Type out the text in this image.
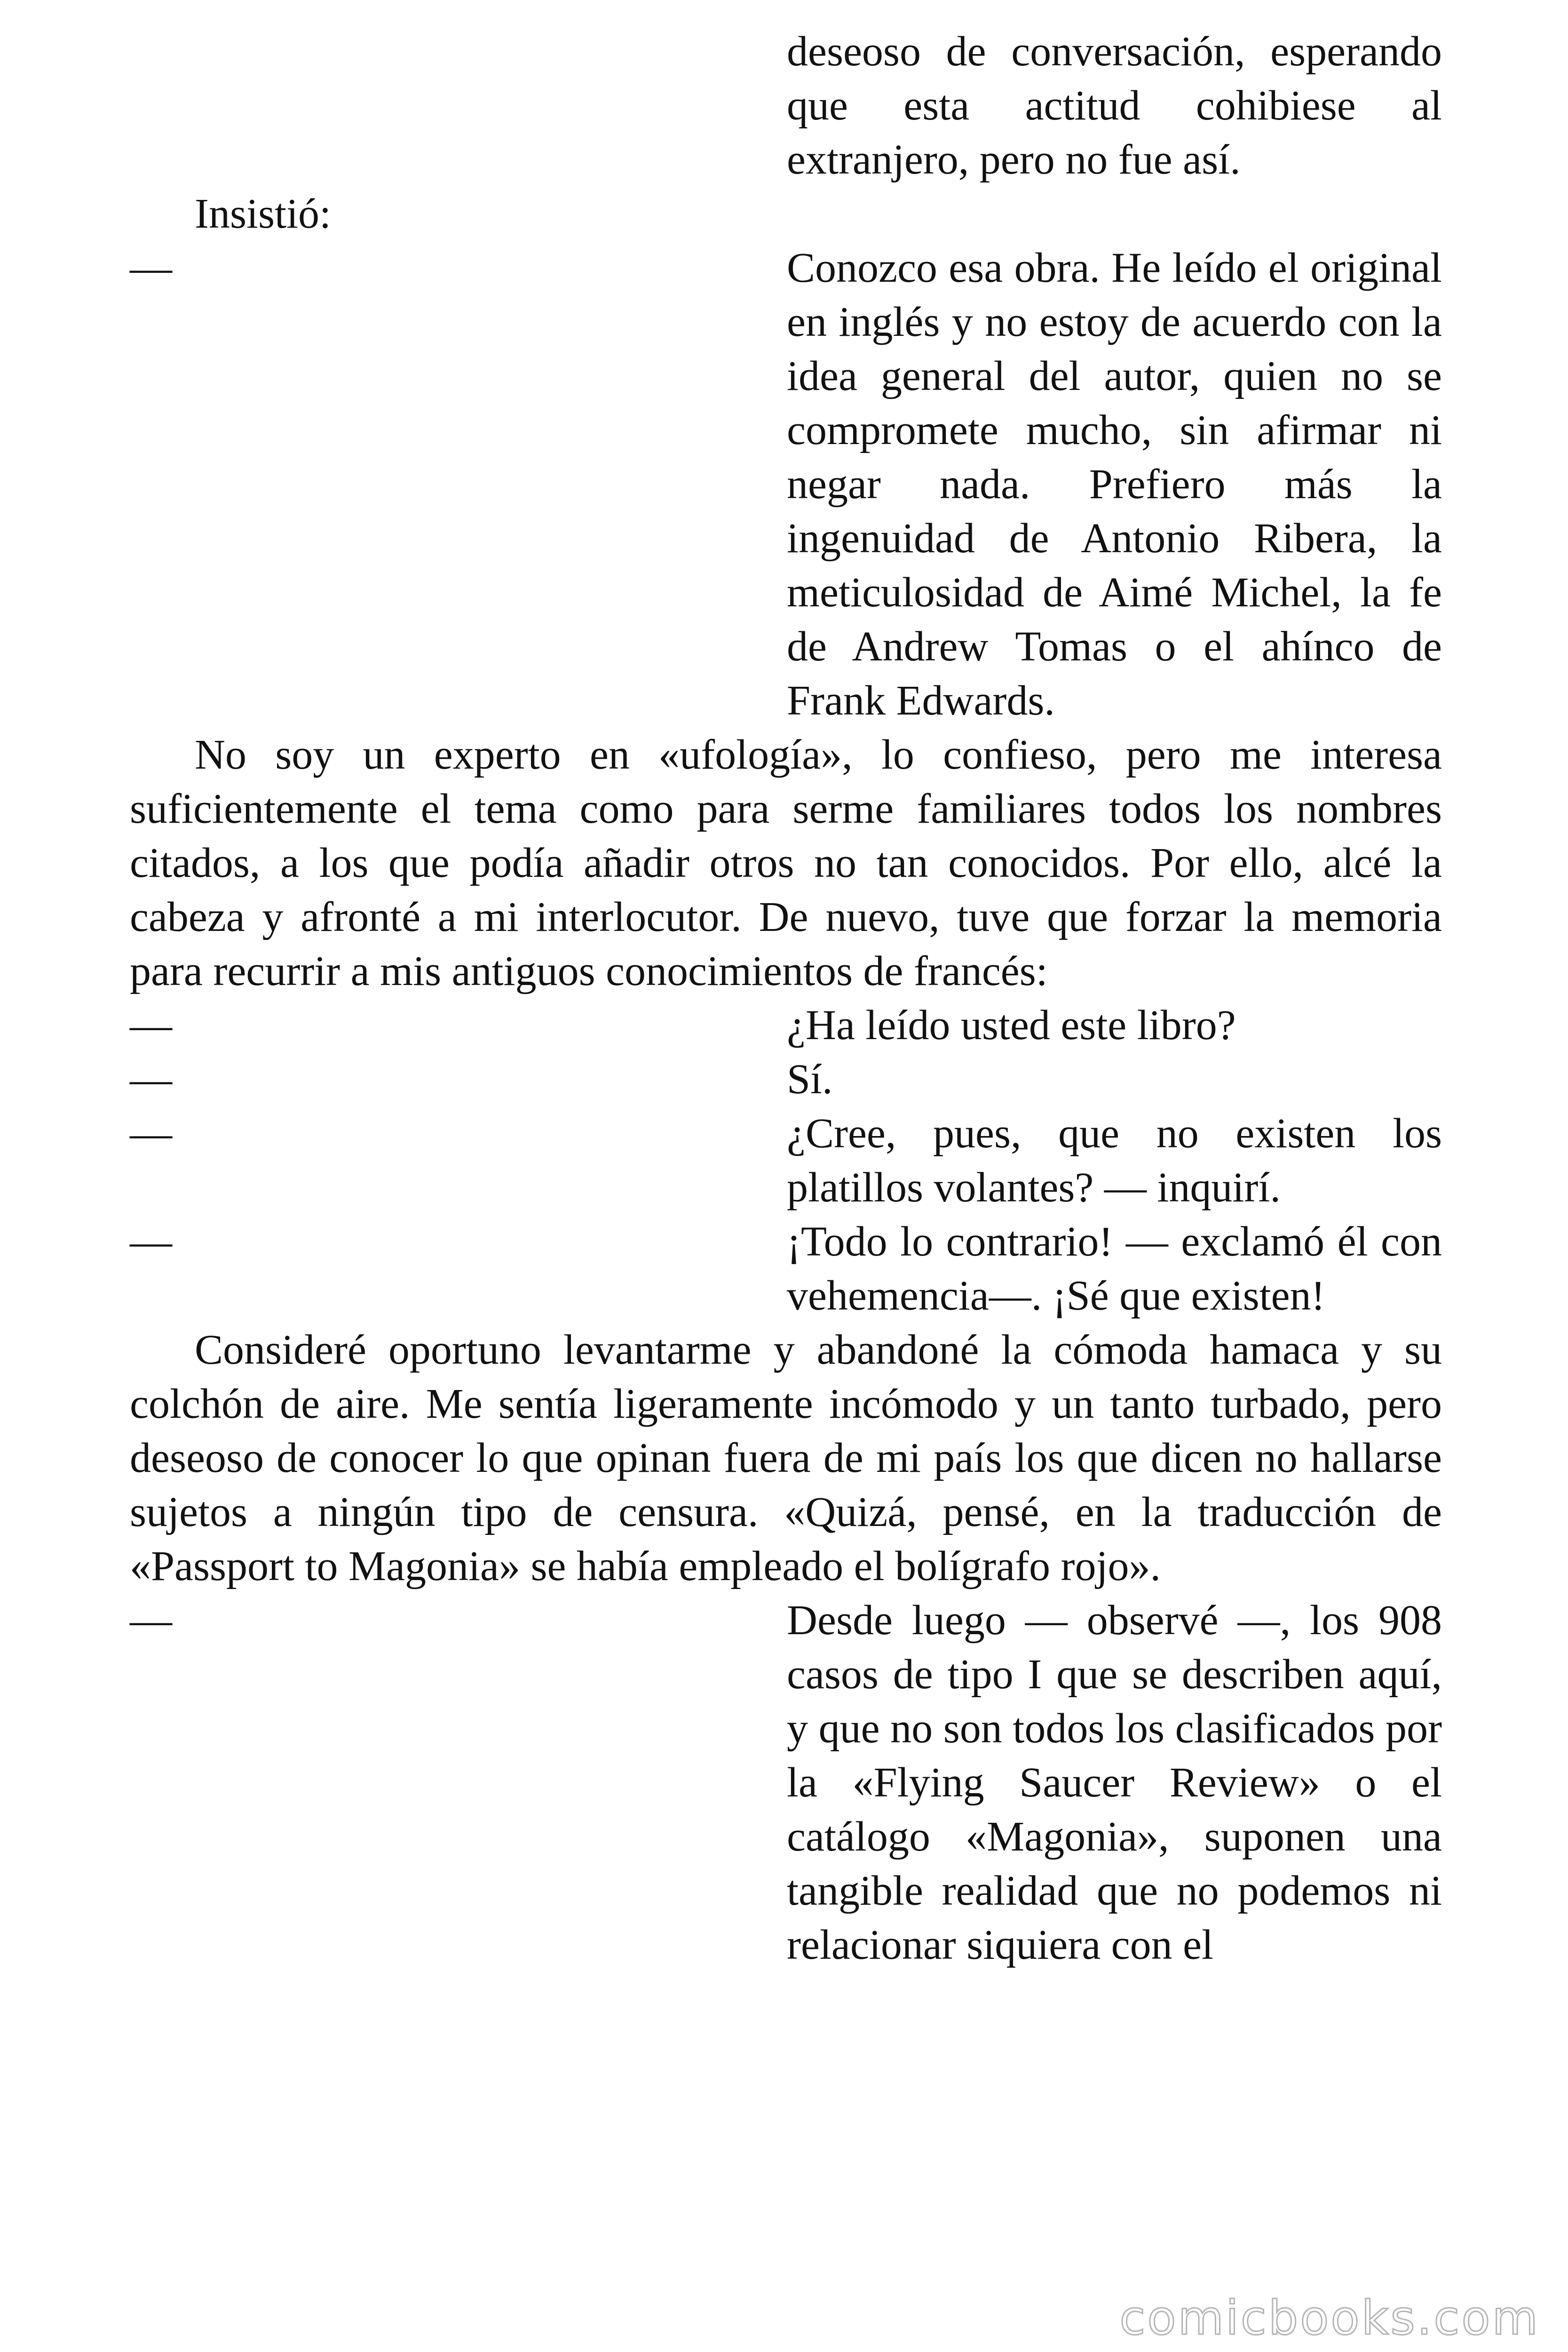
deseoso de conversación, esperando que esta actitud cohibiese al extranjero, pero no fue así.

Insistió:

—	Conozco esa obra. He leído el original en inglés y no estoy de acuerdo con la idea general del autor, quien no se compromete mucho, sin afirmar ni negar nada. Prefiero más la ingenuidad de Antonio Ribera, la meticulosidad de Aimé Michel, la fe de Andrew Tomas o el ahínco de Frank Edwards.

No soy un experto en «ufología», lo confieso, pero me interesa suficientemente el tema como para serme familiares todos los nombres citados, a los que podía añadir otros no tan conocidos. Por ello, alcé la cabeza y afronté a mi interlocutor. De nuevo, tuve que forzar la memoria para recurrir a mis antiguos conocimientos de francés:

—	¿Ha leído usted este libro?
—	Sí.
—	¿Cree, pues, que no existen los platillos volantes? — inquirí.
—	¡Todo lo contrario! — exclamó él con vehemencia—. ¡Sé que existen!

Consideré oportuno levantarme y abandoné la cómoda hamaca y su colchón de aire. Me sentía ligeramente incómodo y un tanto turbado, pero deseoso de conocer lo que opinan fuera de mi país los que dicen no hallarse sujetos a ningún tipo de censura. «Quizá, pensé, en la traducción de «Passport to Magonia» se había empleado el bolígrafo rojo».

—	Desde luego — observé —, los 908 casos de tipo I que se describen aquí, y que no son todos los clasificados por la «Flying Saucer Review» o el catálogo «Magonia», suponen una tangible realidad que no podemos ni relacionar siquiera con el
comicbooks.com
